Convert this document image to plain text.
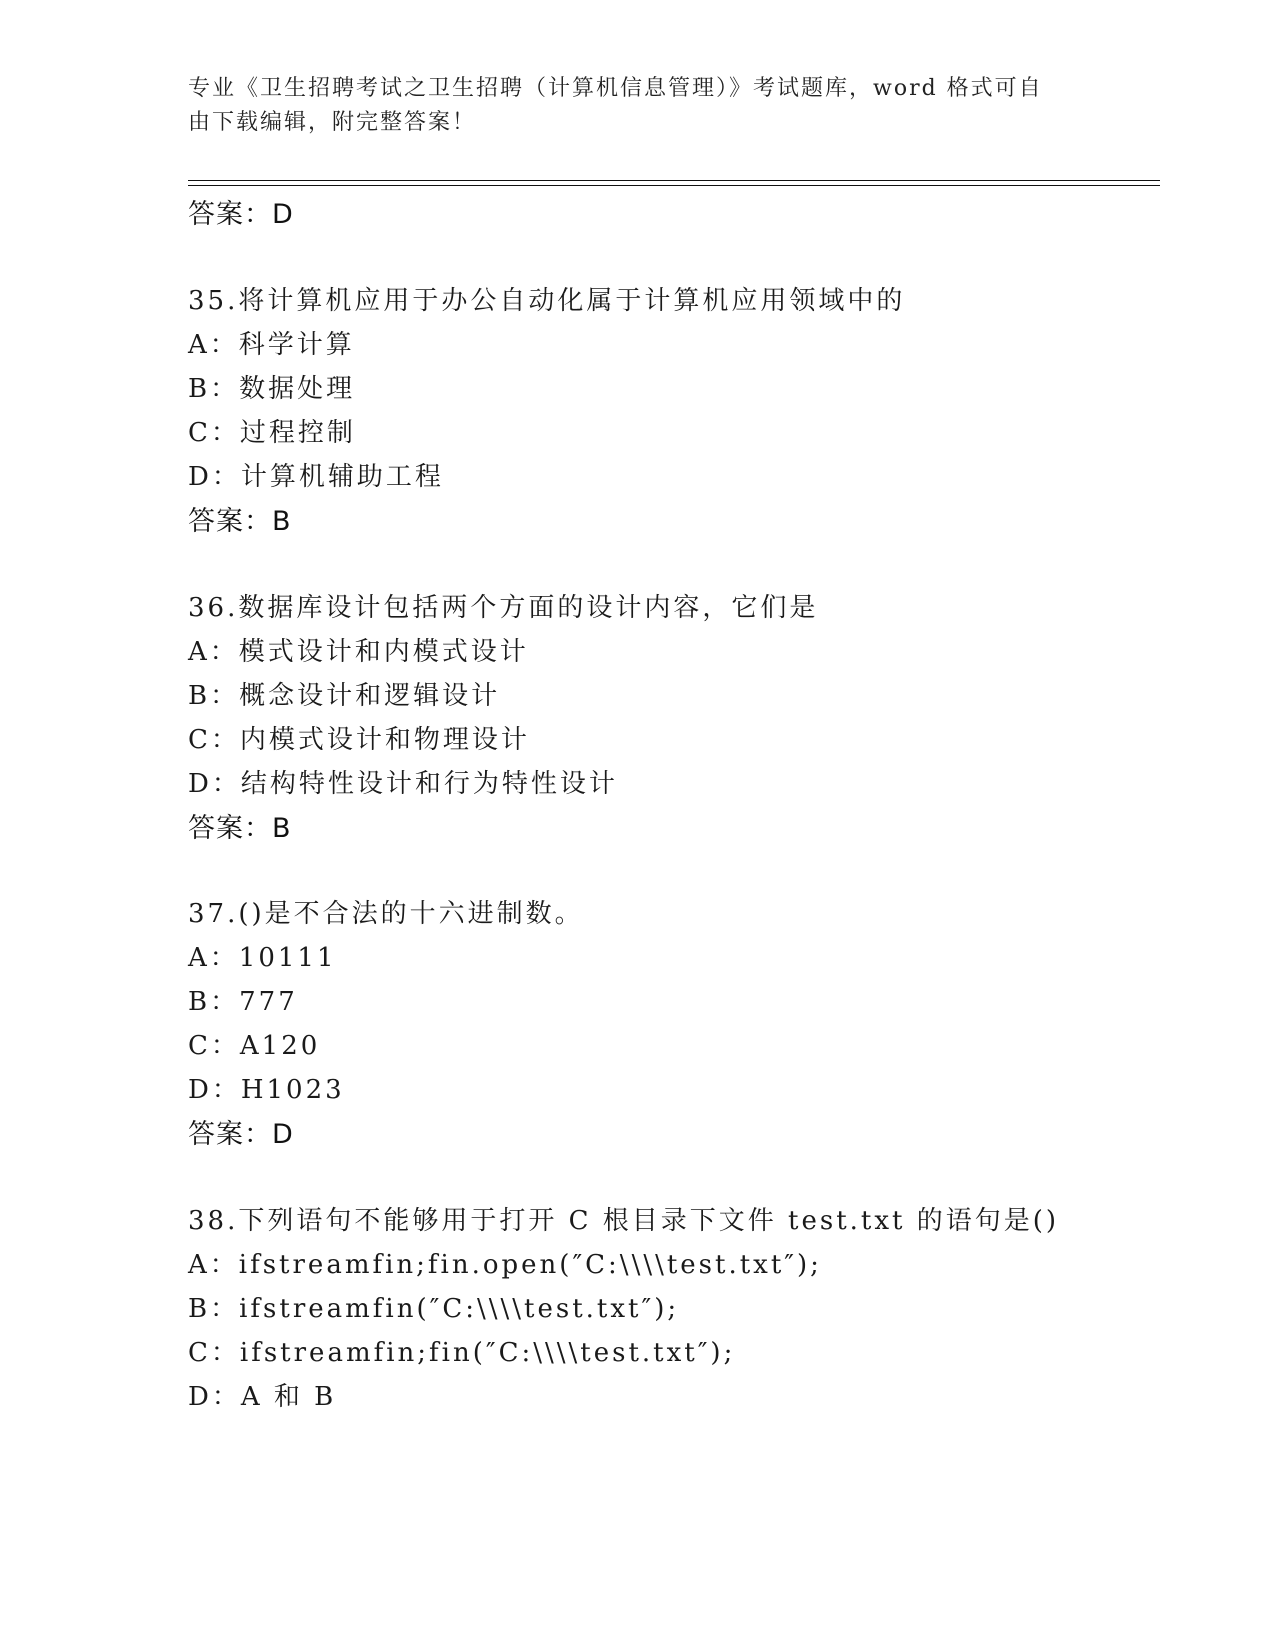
专业《卫生招聘考试之卫生招聘（计算机信息管理）》考试题库，word 格式可自
由下载编辑，附完整答案！
答案：D
35.将计算机应用于办公自动化属于计算机应用领域中的
A：科学计算
B：数据处理
C：过程控制
D：计算机辅助工程
答案：B
36.数据库设计包括两个方面的设计内容，它们是
A：模式设计和内模式设计
B：概念设计和逻辑设计
C：内模式设计和物理设计
D：结构特性设计和行为特性设计
答案：B
37.()是不合法的十六进制数。
A：10111
B：777
C：A120
D：H1023
答案：D
38.下列语句不能够用于打开 C 根目录下文件 test.txt 的语句是()
A：ifstreamfin;fin.open(″C:\\\\test.txt″);
B：ifstreamfin(″C:\\\\test.txt″);
C：ifstreamfin;fin(″C:\\\\test.txt″);
D：A 和 B
